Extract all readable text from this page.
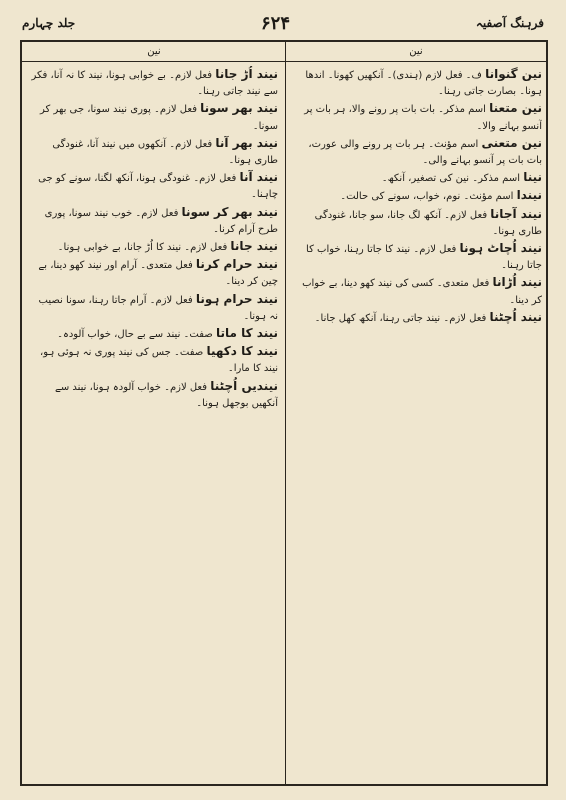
جلد چہارم	۶۲۴	فرہنگ آصفیہ
نین
نین

نین گنوانا ف۔ فعل لازم (ہندی)۔ آنکھیں کھونا۔ اندھا ہونا۔ بصارت جاتی رہنا۔

نین متعنا اسم مذکر۔ بات بات پر رونے والا، ہر بات پر آنسو بہانے والا۔

نین متعنی اسم مؤنث۔ ہر بات پر رونے والی عورت، بات بات پر آنسو بہانے والی۔

نینا اسم مذکر۔ نین کی تصغیر، آنکھ۔

نیندا اسم مؤنث۔ نوم، خواب، سونے کی حالت۔

نیند آجانا فعل لازم۔ آنکھ لگ جانا، سو جانا، غنودگی طاری ہونا۔

نیند اُچاٹ ہونا فعل لازم۔ نیند کا جاتا رہنا، خواب کا جاتا رہنا۔

نیند اُڑانا فعل متعدی۔ کسی کی نیند کھو دینا، بے خواب کر دینا۔

نیند اُچٹنا فعل لازم۔ نیند جاتی رہنا، آنکھ کھل جانا۔

نیند اُڑ جانا فعل لازم۔ بے خوابی ہونا، نیند کا نہ آنا، فکر سے نیند جاتی رہنا۔

نیند بھر سونا فعل لازم۔ پوری نیند سونا، جی بھر کر سونا۔

نیند بھر آنا فعل لازم۔ آنکھوں میں نیند آنا، غنودگی طاری ہونا۔

نیند آنا فعل لازم۔ غنودگی ہونا، آنکھ لگنا، سونے کو جی چاہنا۔

نیند بھر کر سونا فعل لازم۔ خوب نیند سونا، پوری طرح آرام کرنا۔

نیند جانا فعل لازم۔ نیند کا اُڑ جانا، بے خوابی ہونا۔

نیند حرام کرنا فعل متعدی۔ آرام اور نیند کھو دینا، بے چین کر دینا۔

نیند حرام ہونا فعل لازم۔ آرام جاتا رہنا، سونا نصیب نہ ہونا۔

نیند کا ماتا صفت۔ نیند سے بے حال، خواب آلودہ۔

نیند کا دکھیا صفت۔ جس کی نیند پوری نہ ہوئی ہو، نیند کا مارا۔

نیندیں اُچٹنا فعل لازم۔ خواب آلودہ ہونا، نیند سے آنکھیں بوجھل ہونا۔
